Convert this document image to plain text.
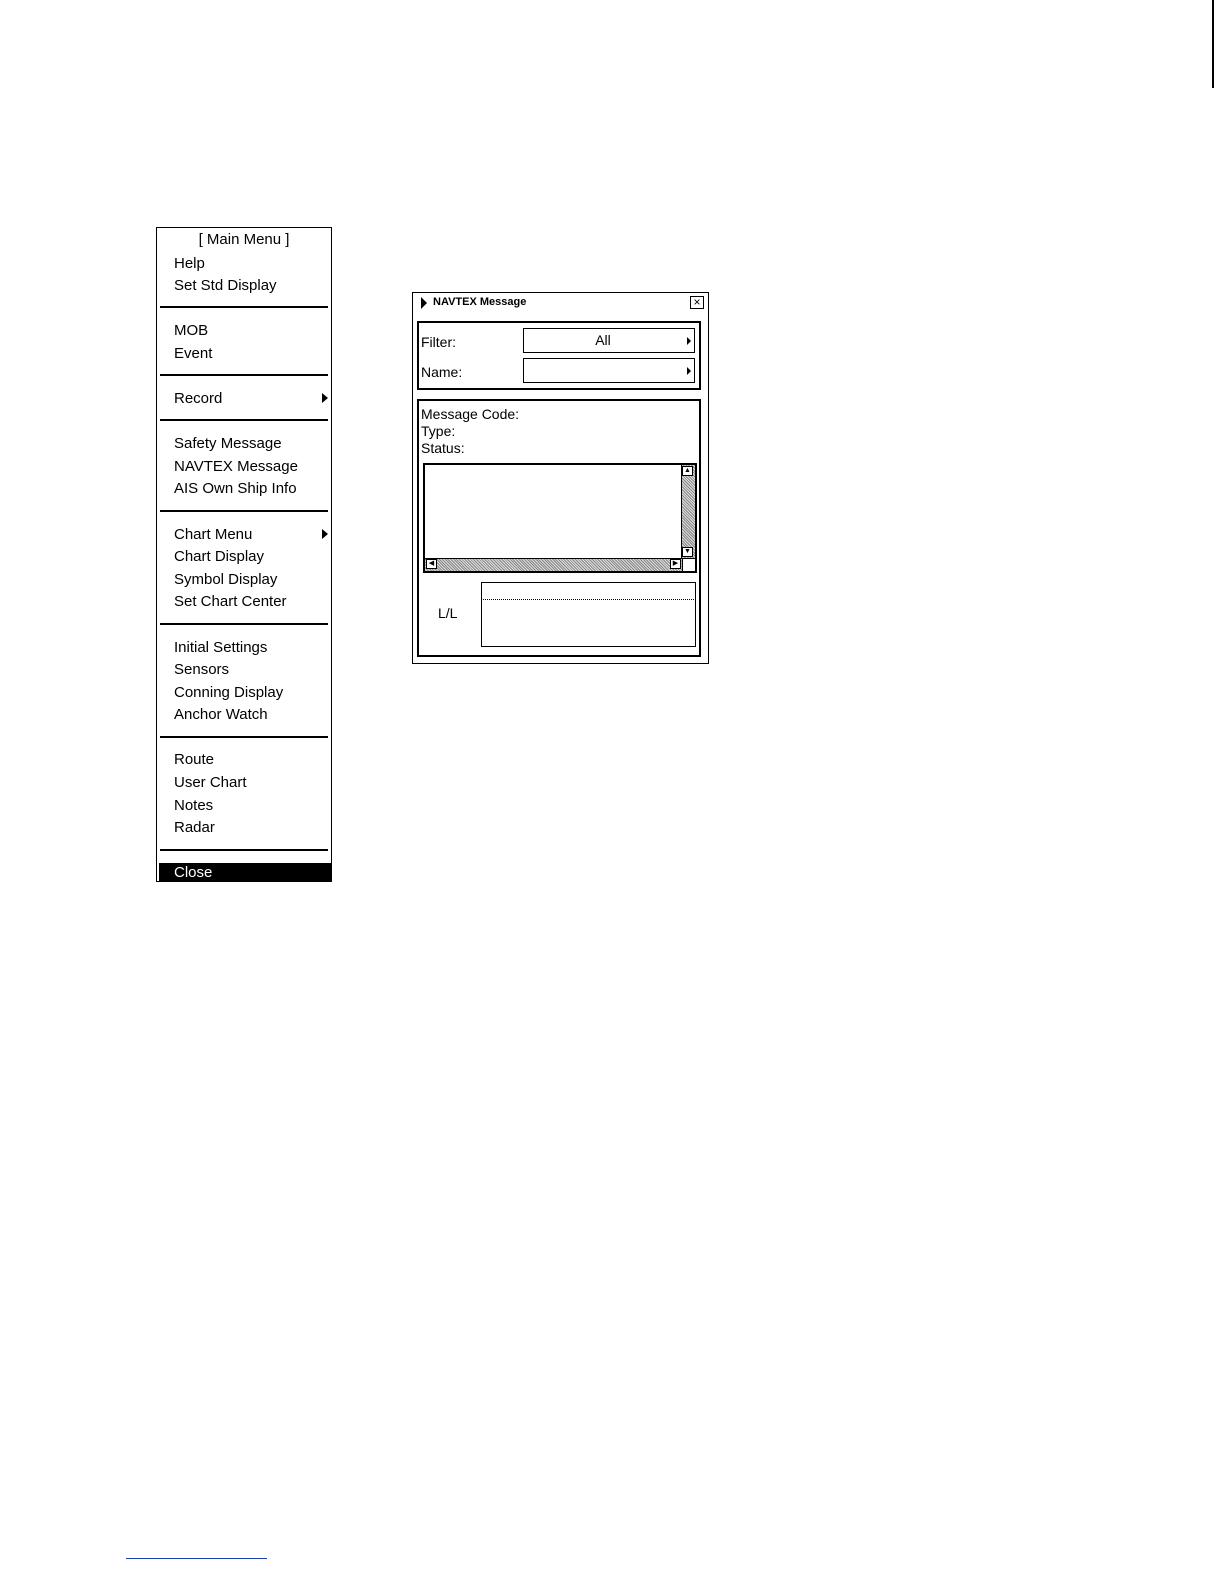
[ Main Menu ]
Help
Set Std Display
MOB
Event
Record
Safety Message
NAVTEX Message
AIS Own Ship Info
Chart Menu
Chart Display
Symbol Display
Set Chart Center
Initial Settings
Sensors
Conning Display
Anchor Watch
Route
User Chart
Notes
Radar
Close
NAVTEX Message	×
Filter:	All
Name:
Message Code:
Type:
Status:
▲
▼
◀	▶
L/L
